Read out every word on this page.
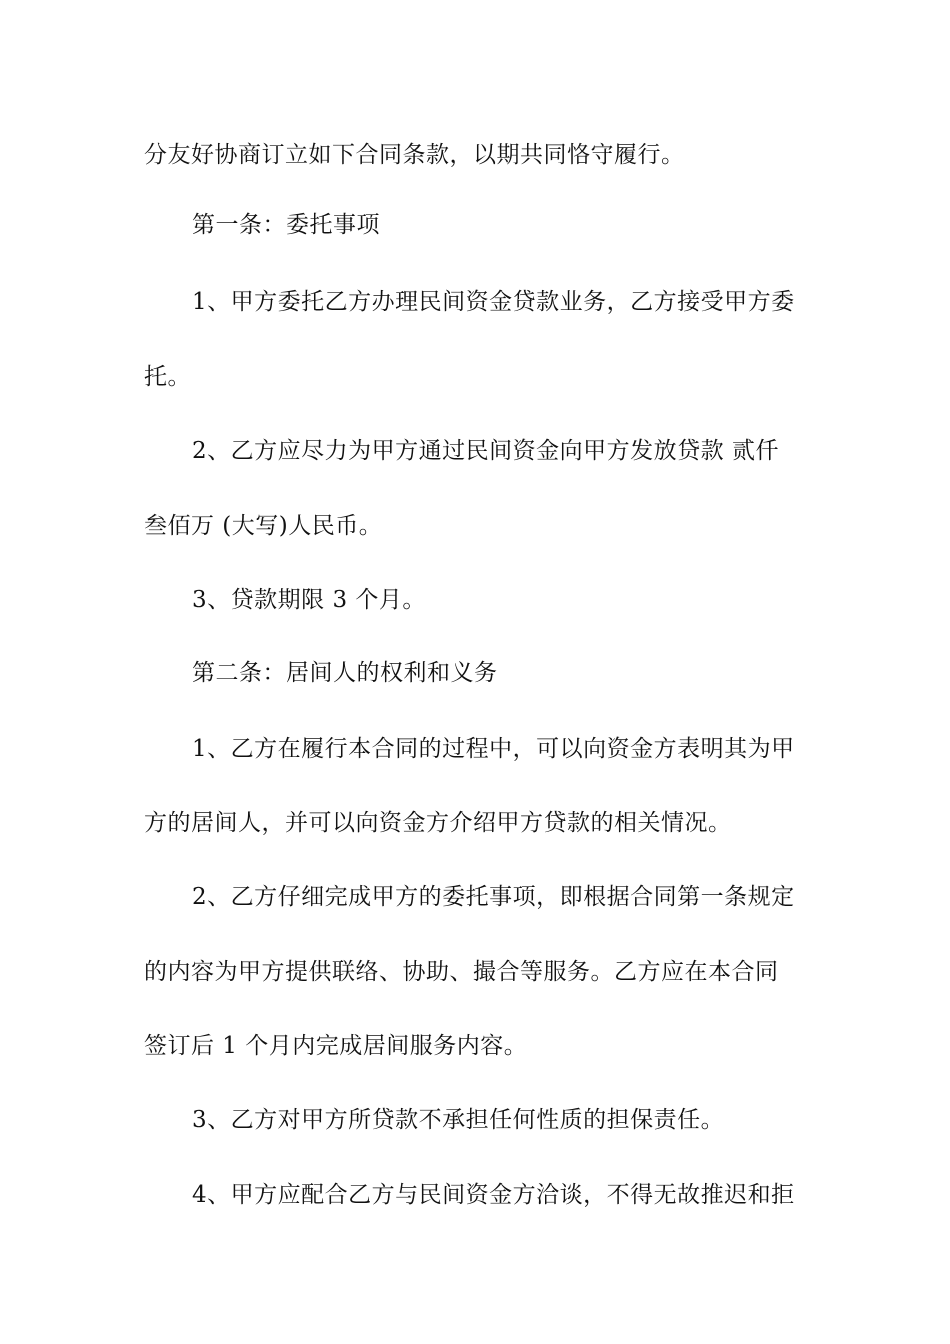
分友好协商订立如下合同条款，以期共同恪守履行。
第一条：委托事项
1、甲方委托乙方办理民间资金贷款业务，乙方接受甲方委
托。
2、乙方应尽力为甲方通过民间资金向甲方发放贷款 贰仟
叁佰万 (大写)人民币。
3、贷款期限 3 个月。
第二条：居间人的权利和义务
1、乙方在履行本合同的过程中，可以向资金方表明其为甲
方的居间人，并可以向资金方介绍甲方贷款的相关情况。
2、乙方仔细完成甲方的委托事项，即根据合同第一条规定
的内容为甲方提供联络、协助、撮合等服务。乙方应在本合同
签订后 1 个月内完成居间服务内容。
3、乙方对甲方所贷款不承担任何性质的担保责任。
4、甲方应配合乙方与民间资金方洽谈，不得无故推迟和拒
